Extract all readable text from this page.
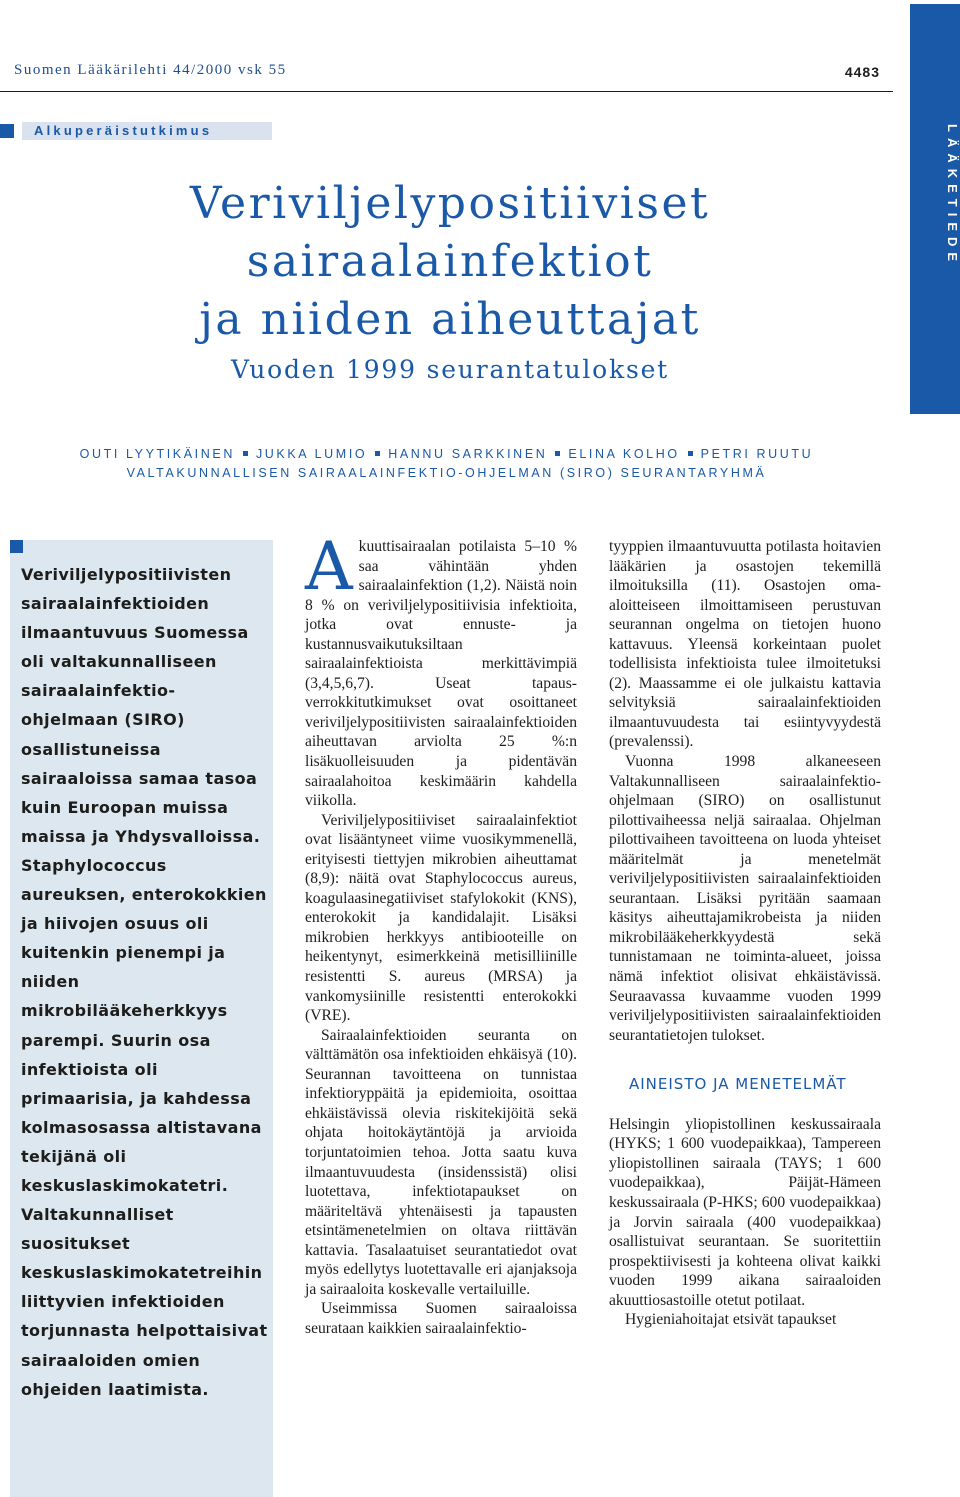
Suomen Lääkärilehti 44/2000 vsk 55	4483
LÄÄKETIEDE
Alkuperäistutkimus
Veriviljelypositiiviset
sairaalainfektiot
ja niiden aiheuttajat
Vuoden 1999 seurantatulokset
OUTI LYYTIKÄINEN JUKKA LUMIO HANNU SARKKINEN ELINA KOLHO PETRI RUUTU
VALTAKUNNALLISEN SAIRAALAINFEKTIO-OHJELMAN (SIRO) SEURANTARYHMÄ
Veriviljelypositiivisten sairaalainfektioiden ilmaantuvuus Suomessa oli valtakunnalliseen sairaalainfektio-ohjelmaan (SIRO) osallistuneissa sairaaloissa samaa tasoa kuin Euroopan muissa maissa ja Yhdysvalloissa. Staphylococcus aureuksen, enterokokkien ja hiivojen osuus oli kuitenkin pienempi ja niiden mikrobilääkeherkkyys parempi. Suurin osa infektioista oli primaarisia, ja kahdessa kolmasosassa altistavana tekijänä oli keskuslaskimokatetri. Valtakunnalliset suositukset keskuslaskimokatetreihin liittyvien infektioiden torjunnasta helpottaisivat sairaaloiden omien ohjeiden laatimista.

Akuuttisairaalan potilaista 5–10 % saa vähintään yhden sairaalainfektion (1,2). Näistä noin 8 % on veriviljelypositiivisia infektioita, jotka ovat ennuste- ja kustannusvaikutuksiltaan sairaalainfektioista merkittävimpiä (3,4,5,6,7). Useat tapaus-verrokkitutkimukset ovat osoittaneet veriviljelypositiivisten sairaalainfektioiden aiheuttavan arviolta 25 %:n lisäkuolleisuuden ja pidentävän sairaalahoitoa keskimäärin kahdella viikolla.

Veriviljelypositiiviset sairaalainfektiot ovat lisääntyneet viime vuosikymmenellä, erityisesti tiettyjen mikrobien aiheuttamat (8,9): näitä ovat Staphylococcus aureus, koagulaasinegatiiviset stafylokokit (KNS), enterokokit ja kandidalajit. Lisäksi mikrobien herkkyys antibiooteille on heikentynyt, esimerkkeinä metisilliinille resistentti S. aureus (MRSA) ja vankomysiinille resistentti enterokokki (VRE).

Sairaalainfektioiden seuranta on välttämätön osa infektioiden ehkäisyä (10). Seurannan tavoitteena on tunnistaa infektioryppäitä ja epidemioita, osoittaa ehkäistävissä olevia riskitekijöitä sekä ohjata hoitokäytäntöjä ja arvioida torjuntatoimien tehoa. Jotta saatu kuva ilmaantuvuudesta (insidenssistä) olisi luotettava, infektiotapaukset on määriteltävä yhtenäisesti ja tapausten etsintämenetelmien on oltava riittävän kattavia. Tasalaatuiset seurantatiedot ovat myös edellytys luotettavalle eri ajanjaksoja ja sairaaloita koskevalle vertailuille.

Useimmissa Suomen sairaaloissa seurataan kaikkien sairaalainfektio-

tyyppien ilmaantuvuutta potilasta hoitavien lääkärien ja osastojen tekemillä ilmoituksilla (11). Osastojen oma-aloitteiseen ilmoittamiseen perustuvan seurannan ongelma on tietojen huono kattavuus. Yleensä korkeintaan puolet todellisista infektioista tulee ilmoitetuksi (2). Maassamme ei ole julkaistu kattavia selvityksiä sairaalainfektioiden ilmaantuvuudesta tai esiintyvyydestä (prevalenssi).

Vuonna 1998 alkaneeseen Valtakunnalliseen sairaalainfektio-ohjelmaan (SIRO) on osallistunut pilottivaiheessa neljä sairaalaa. Ohjelman pilottivaiheen tavoitteena on luoda yhteiset määritelmät ja menetelmät veriviljelypositiivisten sairaalainfektioiden seurantaan. Lisäksi pyritään saamaan käsitys aiheuttajamikrobeista ja niiden mikrobilääkeherkkyydestä sekä tunnistamaan ne toiminta-alueet, joissa nämä infektiot olisivat ehkäistävissä. Seuraavassa kuvaamme vuoden 1999 veriviljelypositiivisten sairaalainfektioiden seurantatietojen tulokset.

AINEISTO JA MENETELMÄT

Helsingin yliopistollinen keskussairaala (HYKS; 1 600 vuodepaikkaa), Tampereen yliopistollinen sairaala (TAYS; 1 600 vuodepaikkaa), Päijät-Hämeen keskussairaala (P-HKS; 600 vuodepaikkaa) ja Jorvin sairaala (400 vuodepaikkaa) osallistuivat seurantaan. Se suoritettiin prospektiivisesti ja kohteena olivat kaikki vuoden 1999 aikana sairaaloiden akuuttiosastoille otetut potilaat.

Hygieniahoitajat etsivät tapaukset
